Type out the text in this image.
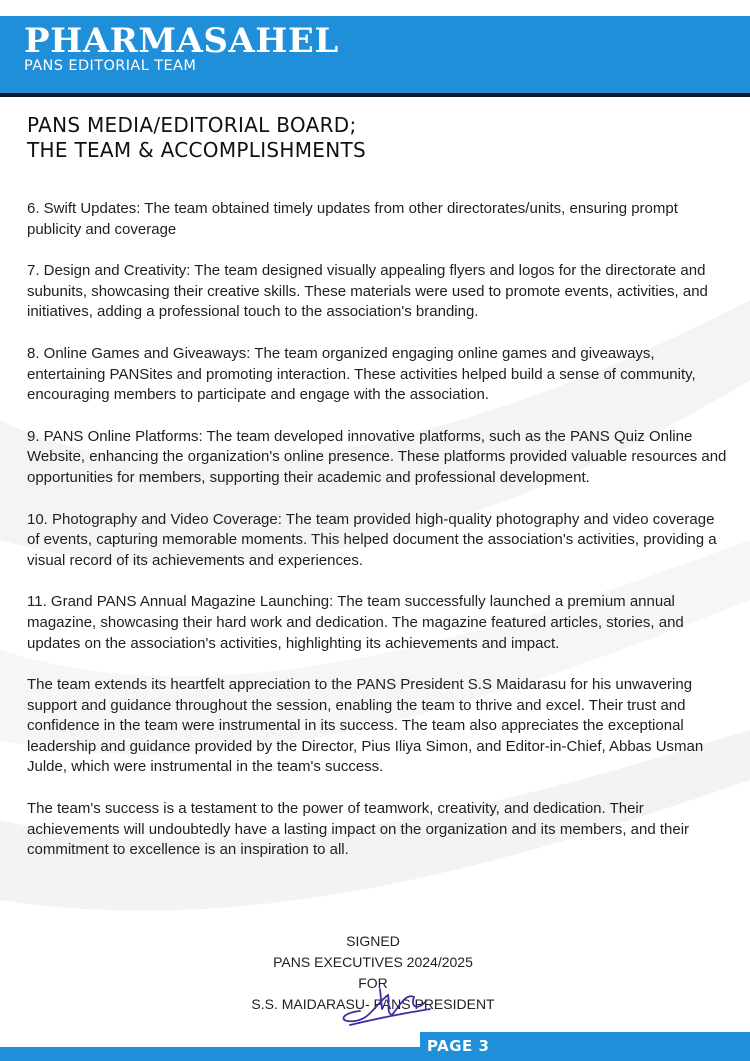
PHARMASAHEL
PANS EDITORIAL TEAM
PANS MEDIA/EDITORIAL BOARD;
THE TEAM & ACCOMPLISHMENTS

6. Swift Updates: The team obtained timely updates from other directorates/units, ensuring prompt publicity and coverage

7. Design and Creativity: The team designed visually appealing flyers and logos for the directorate and subunits, showcasing their creative skills. These materials were used to promote events, activities, and initiatives, adding a professional touch to the association's branding.

8. Online Games and Giveaways: The team organized engaging online games and giveaways, entertaining PANSites and promoting interaction. These activities helped build a sense of community, encouraging members to participate and engage with the association.

9. PANS Online Platforms: The team developed innovative platforms, such as the PANS Quiz Online Website, enhancing the organization's online presence. These platforms provided valuable resources and opportunities for members, supporting their academic and professional development.

10. Photography and Video Coverage: The team provided high-quality photography and video coverage of events, capturing memorable moments. This helped document the association's activities, providing a visual record of its achievements and experiences.

11. Grand PANS Annual Magazine Launching: The team successfully launched a premium annual magazine, showcasing their hard work and dedication. The magazine featured articles, stories, and updates on the association's activities, highlighting its achievements and impact.

The team extends its heartfelt appreciation to the PANS President S.S Maidarasu for his unwavering support and guidance throughout the session, enabling the team to thrive and excel. Their trust and confidence in the team were instrumental in its success. The team also appreciates the exceptional leadership and guidance provided by the Director, Pius Iliya Simon, and Editor-in-Chief, Abbas Usman Julde, which were instrumental in the team's success.

The team's success is a testament to the power of teamwork, creativity, and dedication. Their achievements will undoubtedly have a lasting impact on the organization and its members, and their commitment to excellence is an inspiration to all.

SIGNED
PANS EXECUTIVES 2024/2025
FOR
S.S. MAIDARASU- PANS PRESIDENT
PAGE 3
